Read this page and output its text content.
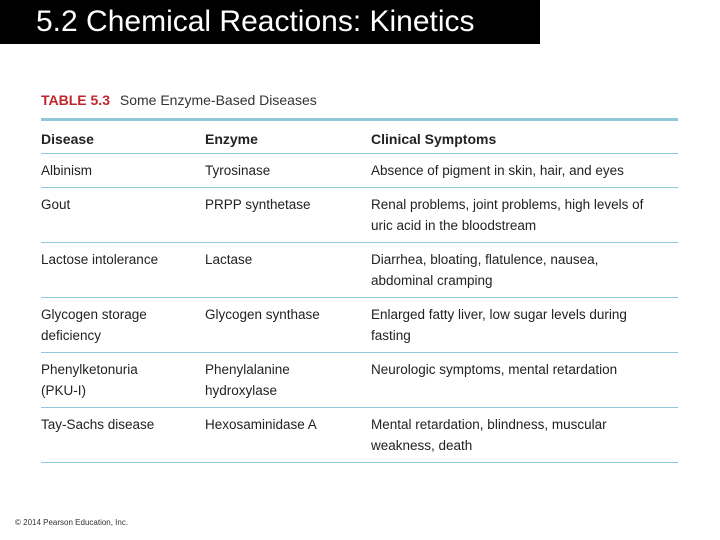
5.2 Chemical Reactions: Kinetics
TABLE 5.3 Some Enzyme-Based Diseases
Disease	Enzyme	Clinical Symptoms

Albinism	Tyrosinase	Absence of pigment in skin, hair, and eyes

Gout	PRPP synthetase	Renal problems, joint problems, high levels of
uric acid in the bloodstream

Lactose intolerance	Lactase	Diarrhea, bloating, flatulence, nausea,
abdominal cramping

Glycogen storage
deficiency	Glycogen synthase	Enlarged fatty liver, low sugar levels during
fasting

Phenylketonuria
(PKU-I)	Phenylalanine
hydroxylase	Neurologic symptoms, mental retardation

Tay-Sachs disease	Hexosaminidase A	Mental retardation, blindness, muscular
weakness, death
© 2014 Pearson Education, Inc.
